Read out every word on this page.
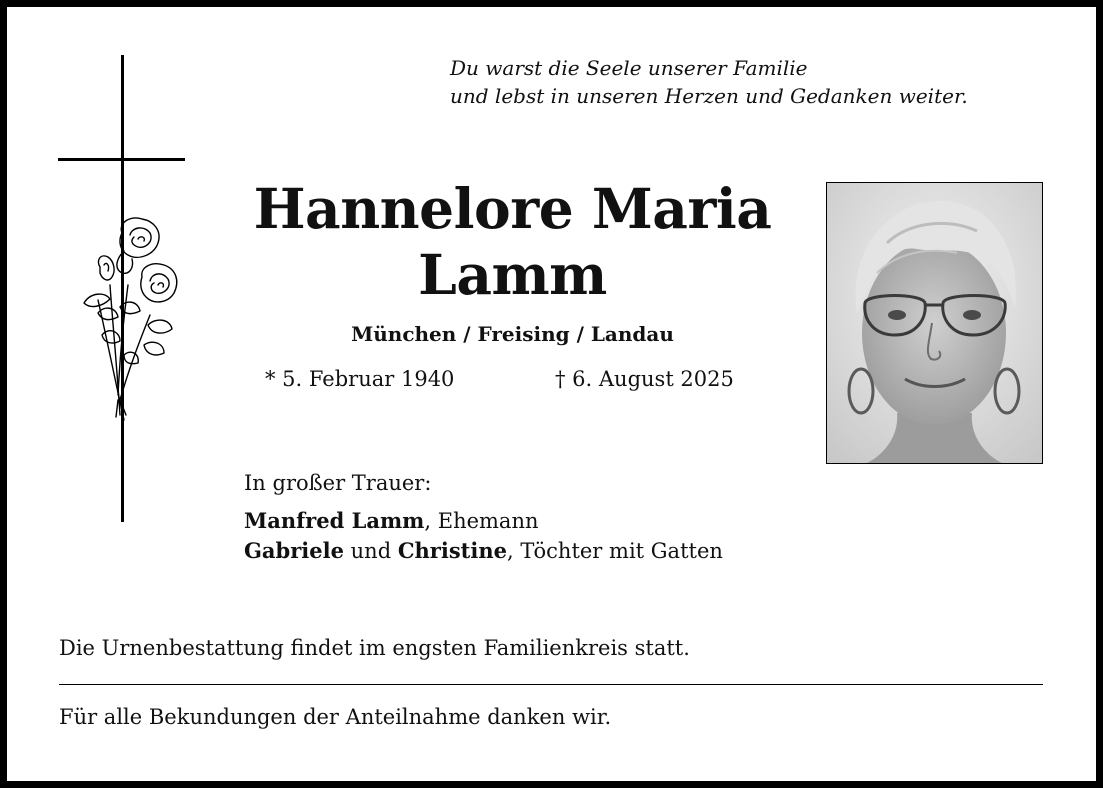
Du warst die Seele unserer Familie
und lebst in unseren Herzen und Gedanken weiter.
Hannelore Maria
Lamm
München / Freising / Landau
* 5. Februar 1940	† 6. August 2025

In großer Trauer:

Manfred Lamm, Ehemann

Gabriele und Christine, Töchter mit Gatten

Die Urnenbestattung findet im engsten Familienkreis statt.
Für alle Bekundungen der Anteilnahme danken wir.
